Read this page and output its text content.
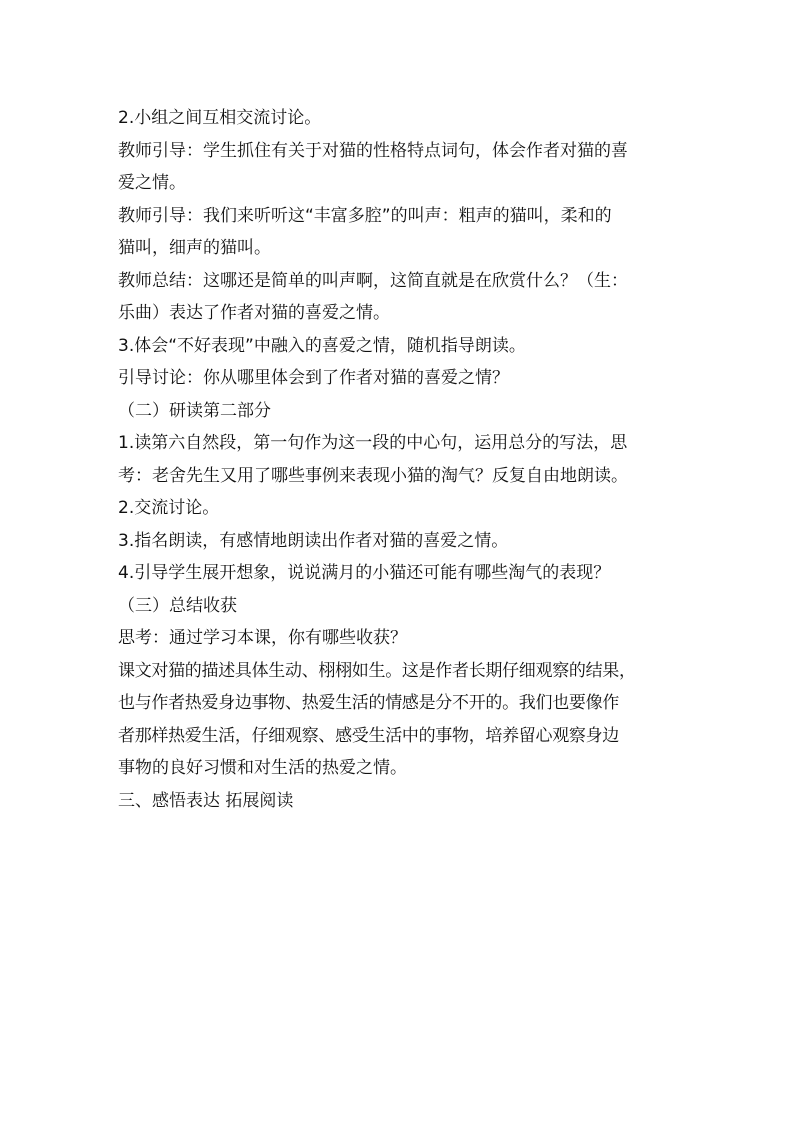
2.小组之间互相交流讨论。
教师引导：学生抓住有关于对猫的性格特点词句，体会作者对猫的喜
爱之情。
教师引导：我们来听听这“丰富多腔”的叫声：粗声的猫叫，柔和的
猫叫，细声的猫叫。
教师总结：这哪还是简单的叫声啊，这简直就是在欣赏什么？（生：
乐曲）表达了作者对猫的喜爱之情。
3.体会“不好表现”中融入的喜爱之情，随机指导朗读。
引导讨论：你从哪里体会到了作者对猫的喜爱之情？
（二）研读第二部分
1.读第六自然段，第一句作为这一段的中心句，运用总分的写法，思
考：老舍先生又用了哪些事例来表现小猫的淘气？反复自由地朗读。
2.交流讨论。
3.指名朗读，有感情地朗读出作者对猫的喜爱之情。
4.引导学生展开想象，说说满月的小猫还可能有哪些淘气的表现？
（三）总结收获
思考：通过学习本课，你有哪些收获？
课文对猫的描述具体生动、栩栩如生。这是作者长期仔细观察的结果，
也与作者热爱身边事物、热爱生活的情感是分不开的。我们也要像作
者那样热爱生活，仔细观察、感受生活中的事物，培养留心观察身边
事物的良好习惯和对生活的热爱之情。
三、感悟表达 拓展阅读
